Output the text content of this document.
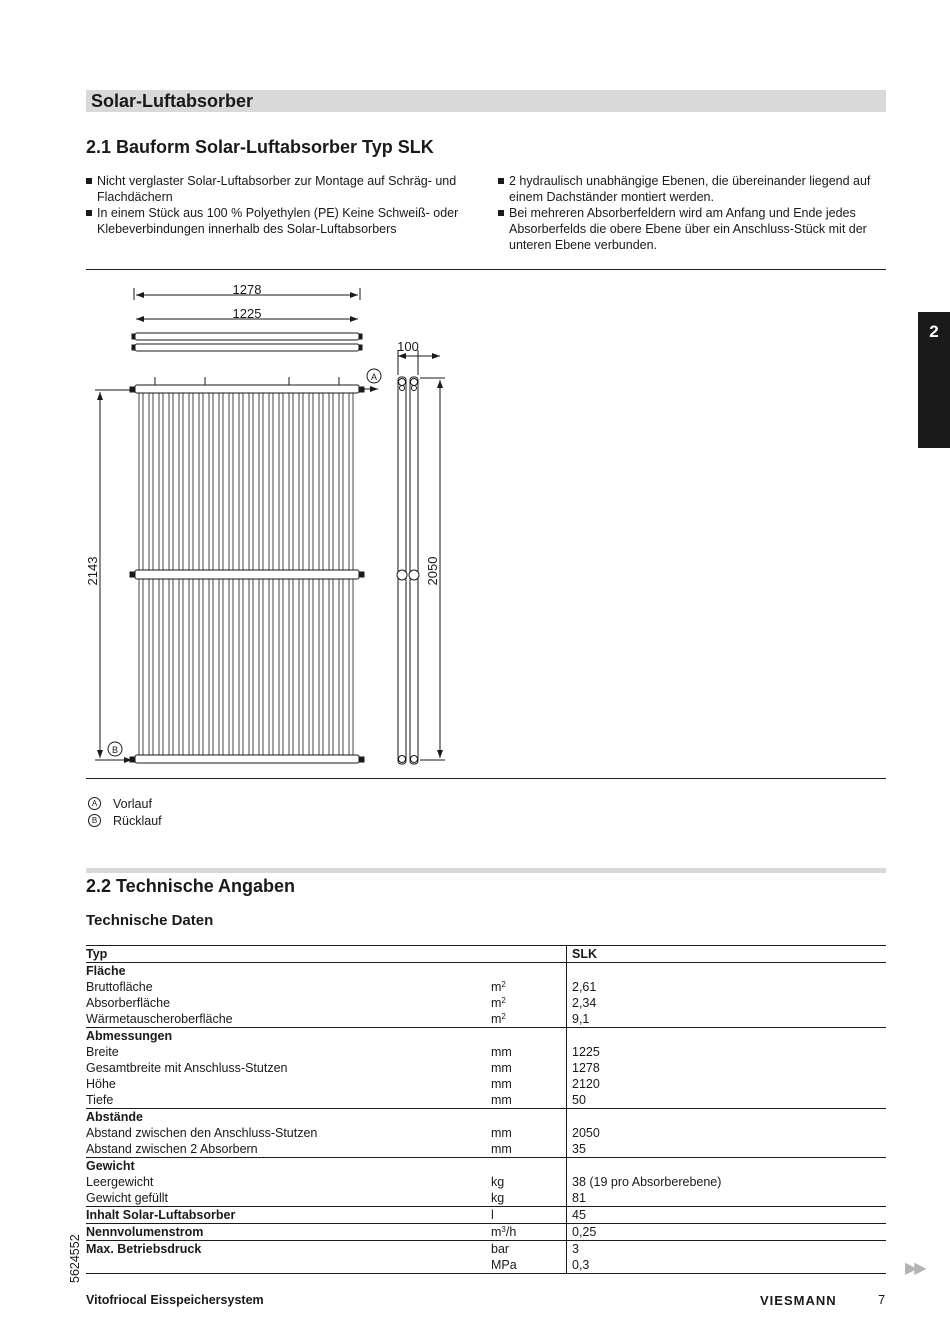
Solar-Luftabsorber
2.1 Bauform Solar-Luftabsorber Typ SLK
Nicht verglaster Solar-Luftabsorber zur Montage auf Schräg- und Flachdächern
In einem Stück aus 100 % Polyethylen (PE) Keine Schweiß- oder Klebeverbindungen innerhalb des Solar-Luftabsorbers
2 hydraulisch unabhängige Ebenen, die übereinander liegend auf einem Dachständer montiert werden.
Bei mehreren Absorberfeldern wird am Anfang und Ende jedes Absorberfelds die obere Ebene über ein Anschluss-Stück mit der unteren Ebene verbunden.
1278
1225
100
2143	2050
A
B
A	Vorlauf
B	Rücklauf
2.2 Technische Angaben
Technische Daten
Typ		SLK
Fläche		
Bruttofläche	$m^2$	2,61
Absorberfläche	$m^2$	2,34
Wärmetauscheroberfläche	$m^2$	9,1
Abmessungen		
Breite	mm	1225
Gesamtbreite mit Anschluss-Stutzen	mm	1278
Höhe	mm	2120
Tiefe	mm	50
Abstände		
Abstand zwischen den Anschluss-Stutzen	mm	2050
Abstand zwischen 2 Absorbern	mm	35
Gewicht		
Leergewicht	kg	38 (19 pro Absorberebene)
Gewicht gefüllt	kg	81
Inhalt Solar-Luftabsorber	l	45
Nennvolumenstrom	$m^3/h$	0,25
Max. Betriebsdruck	bar	3
	MPa	0,3
2
5624552	▶▶
Vitofriocal Eisspeichersystem	VIESMANN	7
